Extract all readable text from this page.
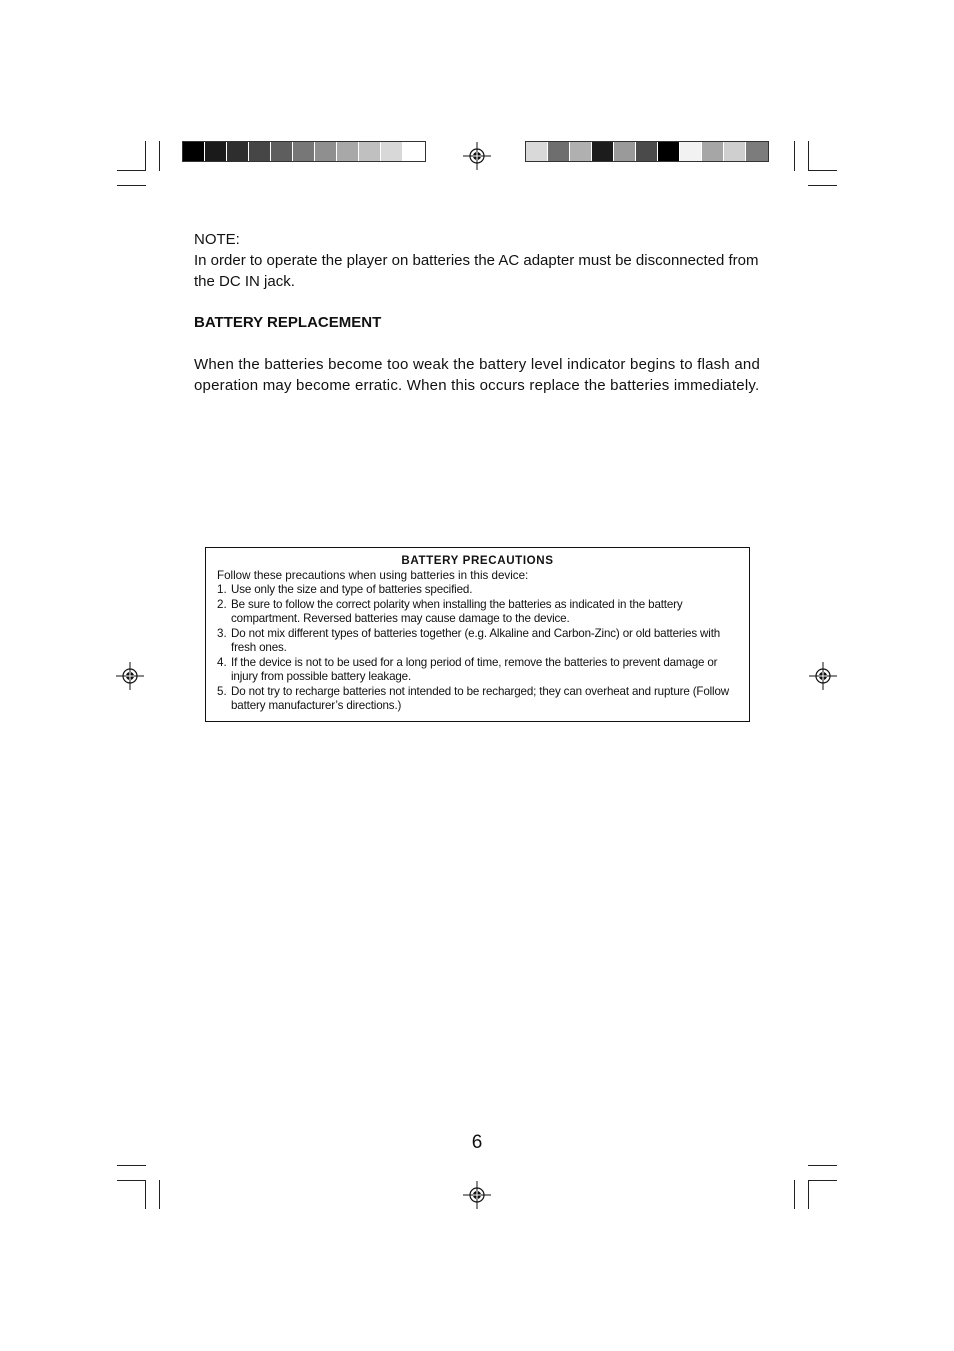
NOTE:
In order to operate the player on batteries the AC adapter must be disconnected from the DC IN jack.
BATTERY REPLACEMENT
When the batteries become too weak the battery level indicator begins to flash and operation may become erratic. When this occurs replace the batteries immediately.
BATTERY PRECAUTIONS
Follow these precautions when using batteries in this device:
1. Use only the size and type of batteries specified.
2. Be sure to follow the correct polarity when installing the batteries as indicated in the battery compartment. Reversed batteries may cause damage to the device.
3. Do not mix different types of batteries together (e.g. Alkaline and Carbon-Zinc) or old batteries with fresh ones.
4. If the device is not to be used for a long period of time, remove the batteries to prevent damage or injury from possible battery leakage.
5. Do not try to recharge batteries not intended to be recharged; they can overheat and rupture (Follow battery manufacturer’s directions.)
6
